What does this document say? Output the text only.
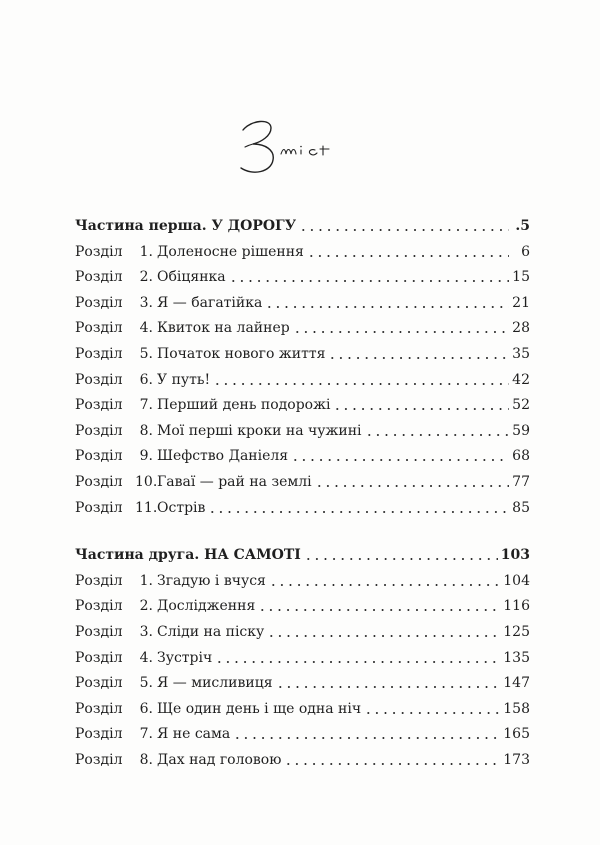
Частина перша. У ДОРОГУ	.5
Розділ	1. Доленосне рішення	6
Розділ	2. Обіцянка	15
Розділ	3. Я — багатійка	21
Розділ	4. Квиток на лайнер	28
Розділ	5. Початок нового життя	35
Розділ	6. У путь!	42
Розділ	7. Перший день подорожі	52
Розділ	8. Мої перші кроки на чужині	59
Розділ	9. Шефство Даніеля	68
Розділ 10. Гаваї — рай на землі	77
Розділ 11. Острів	85
Частина друга. НА САМОТІ	103
Розділ	1. Згадую і вчуся	104
Розділ	2. Дослідження	116
Розділ	3. Сліди на піску	125
Розділ	4. Зустріч	135
Розділ	5. Я — мисливиця	147
Розділ	6. Ще один день і ще одна ніч	158
Розділ	7. Я не сама	165
Розділ	8. Дах над головою	173
